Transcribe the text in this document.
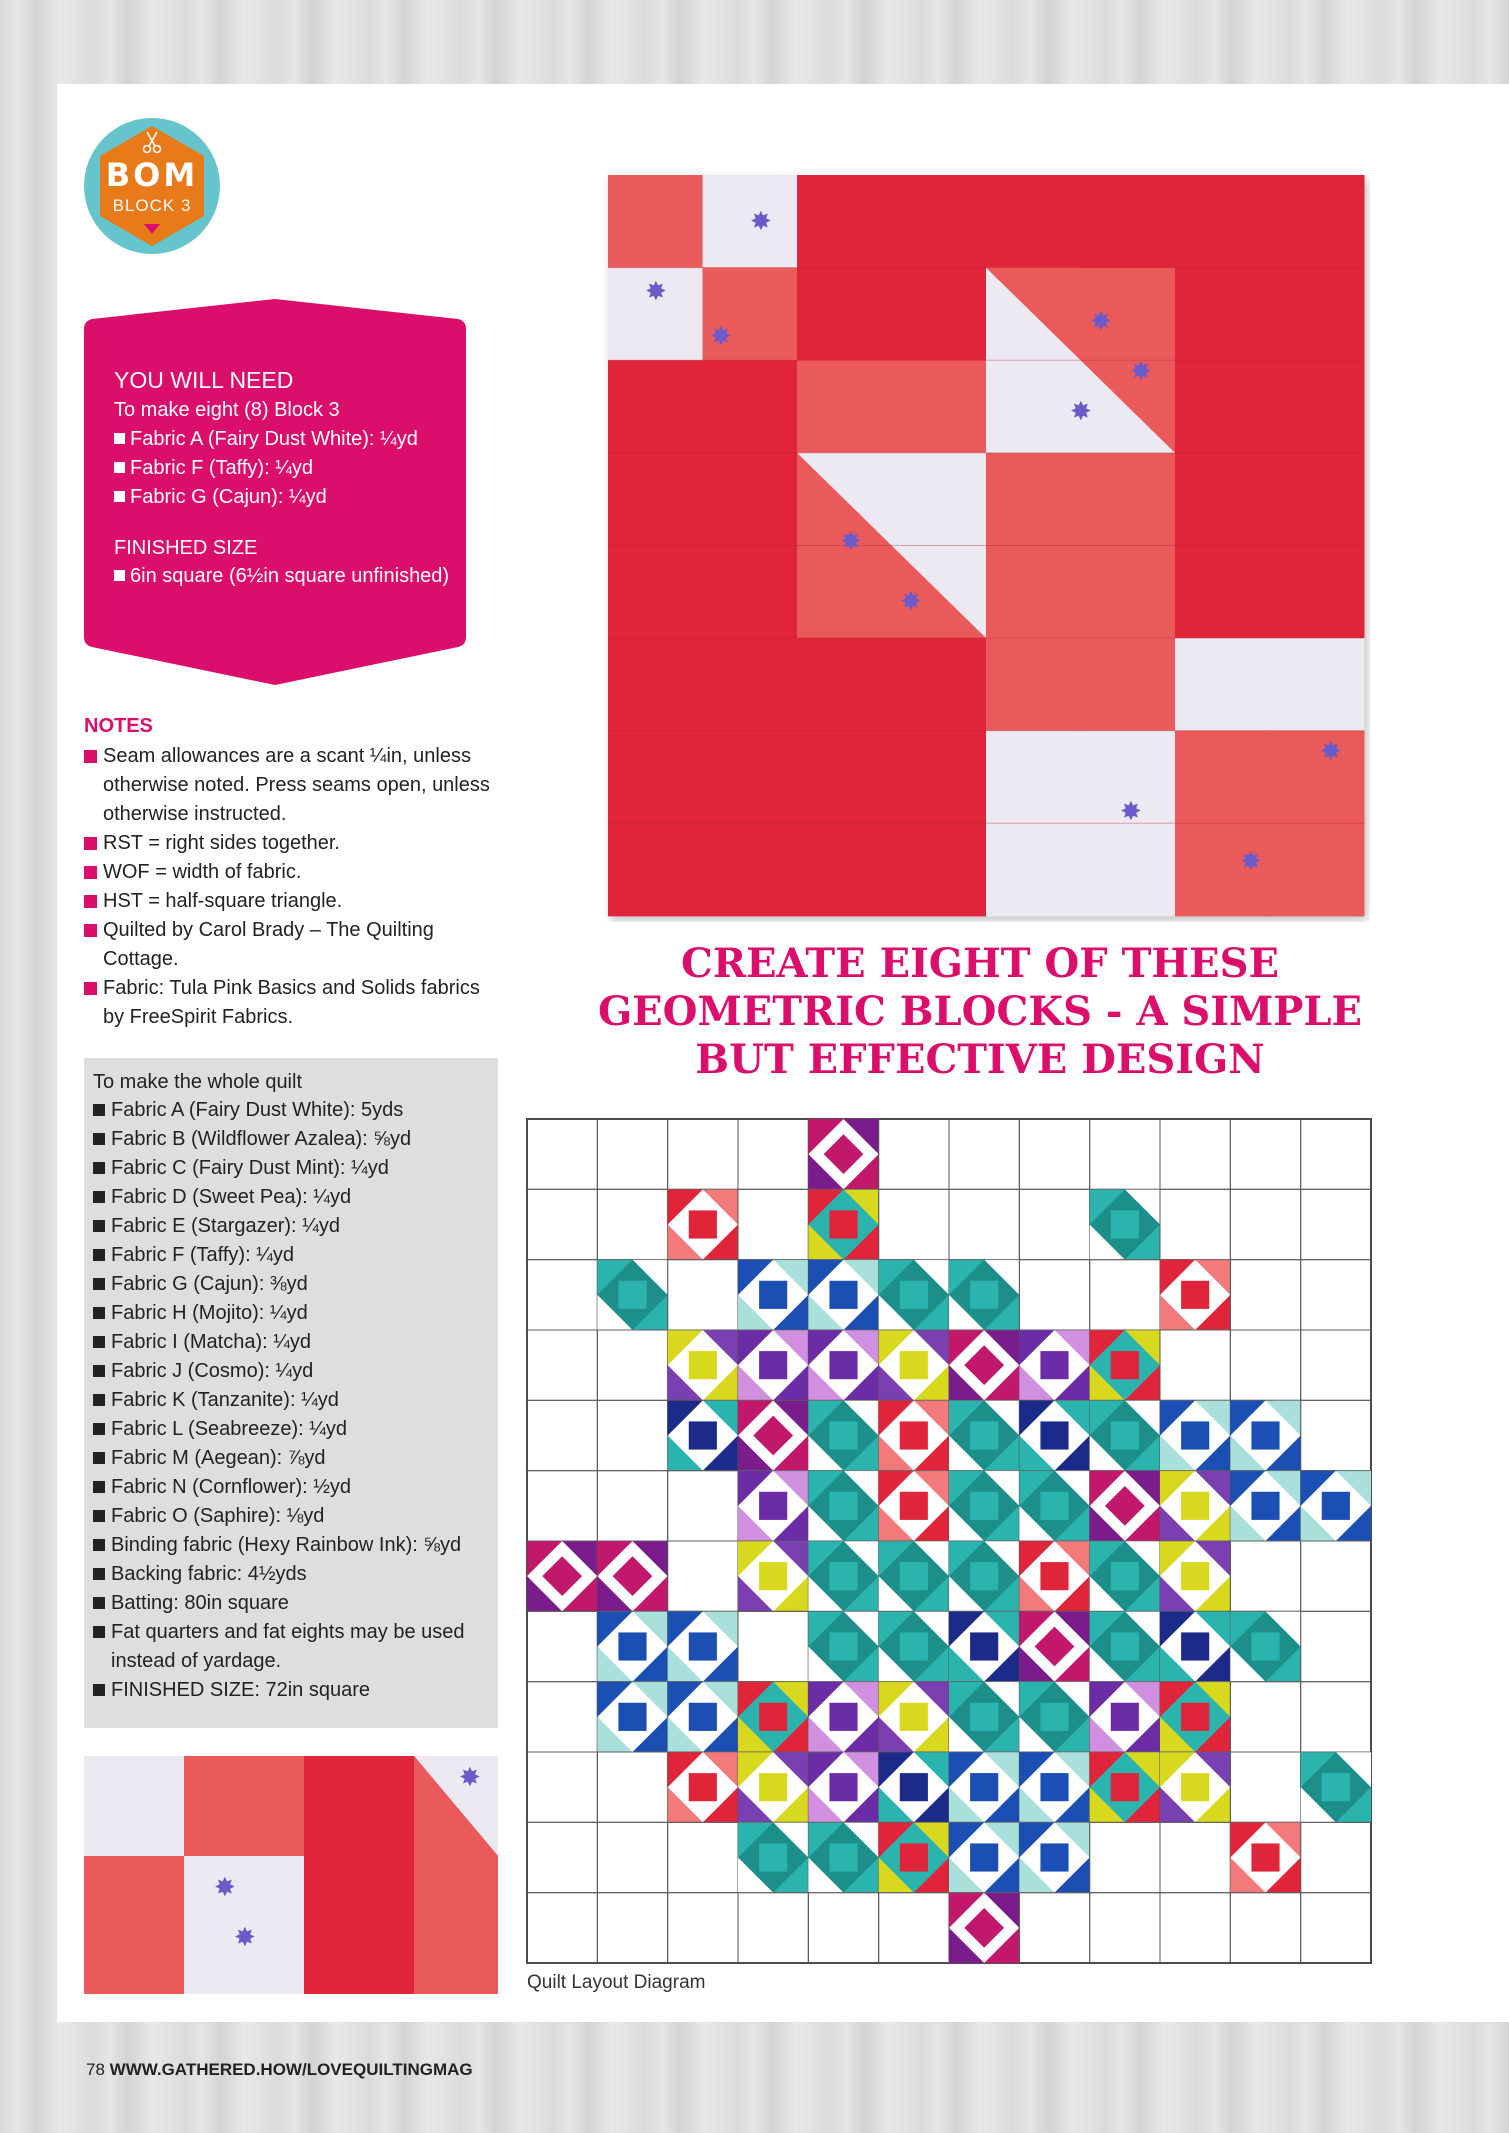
BOM
BLOCK 3
YOU WILL NEED
To make eight (8) Block 3
Fabric A (Fairy Dust White): ¼yd
Fabric F (Taffy): ¼yd
Fabric G (Cajun): ¼yd
FINISHED SIZE
6in square (6½in square unfinished)
NOTES
Seam allowances are a scant ¼in, unless otherwise noted. Press seams open, unless otherwise instructed.
RST = right sides together.
WOF = width of fabric.
HST = half-square triangle.
Quilted by Carol Brady – The Quilting Cottage.
Fabric: Tula Pink Basics and Solids fabrics by FreeSpirit Fabrics.
To make the whole quilt
Fabric A (Fairy Dust White): 5yds
Fabric B (Wildflower Azalea): ⅝yd
Fabric C (Fairy Dust Mint): ¼yd
Fabric D (Sweet Pea): ¼yd
Fabric E (Stargazer): ¼yd
Fabric F (Taffy): ¼yd
Fabric G (Cajun): ⅜yd
Fabric H (Mojito): ¼yd
Fabric I (Matcha): ¼yd
Fabric J (Cosmo): ¼yd
Fabric K (Tanzanite): ¼yd
Fabric L (Seabreeze): ¼yd
Fabric M (Aegean): ⅞yd
Fabric N (Cornflower): ½yd
Fabric O (Saphire): ⅛yd
Binding fabric (Hexy Rainbow Ink): ⅝yd
Backing fabric: 4½yds
Batting: 80in square
Fat quarters and fat eights may be used instead of yardage.
FINISHED SIZE: 72in square
✸
✸
✸	✸
✸
✸
✸
✸
✸
✸
✸
CREATE EIGHT OF THESE
GEOMETRIC BLOCKS - A SIMPLE
BUT EFFECTIVE DESIGN
Quilt Layout Diagram
✸
✸
✸
78 WWW.GATHERED.HOW/LOVEQUILTINGMAG
